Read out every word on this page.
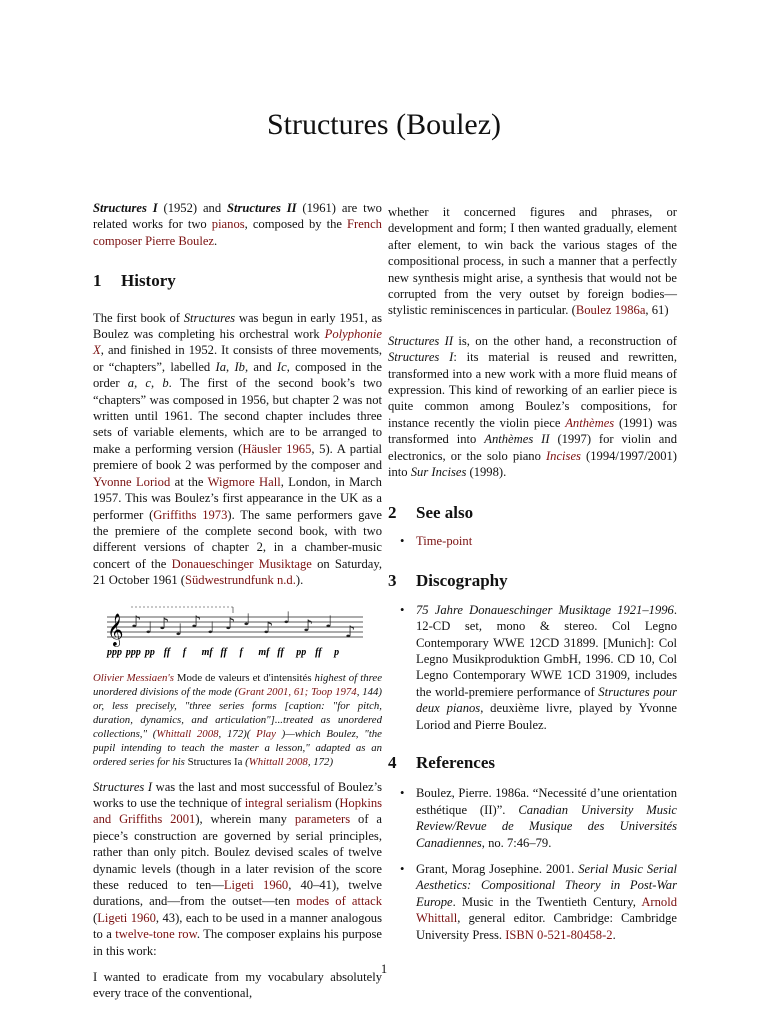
Structures (Boulez)

Structures I (1952) and Structures II (1961) are two related works for two pianos, composed by the French composer Pierre Boulez.

1 History

The first book of Structures was begun in early 1951, as Boulez was completing his orchestral work Polyphonie X, and finished in 1952. It consists of three movements, or “chapters”, labelled Ia, Ib, and Ic, composed in the order a, c, b. The first of the second book’s two “chapters” was composed in 1956, but chapter 2 was not written until 1961. The second chapter includes three sets of variable elements, which are to be arranged to make a performing version (Häusler 1965, 5). A partial premiere of book 2 was performed by the composer and Yvonne Loriod at the Wigmore Hall, London, in March 1957. This was Boulez’s first appearance in the UK as a performer (Griffiths 1973). The same performers gave the premiere of the complete second book, with two different versions of chapter 2, in a chamber-music concert of the Donaueschinger Musiktage on Saturday, 21 October 1961 (Südwestrundfunk n.d.).

𝄞 ♪ ♩ ♪ ♩ ♪ ♩ ♪ ♩ ♪
♩ ♪ ♩
♪
ppp ppp pp ff f mf ff f mf ff pp ff p

Olivier Messiaen's Mode de valeurs et d'intensités highest of three unordered divisions of the mode (Grant 2001, 61; Toop 1974, 144) or, less precisely, "three series forms [caption: "for pitch, duration, dynamics, and articulation"]...treated as unordered collections," (Whittall 2008, 172)( Play )—which Boulez, "the pupil intending to teach the master a lesson," adapted as an ordered series for his Structures Ia (Whittall 2008, 172)

Structures I was the last and most successful of Boulez’s works to use the technique of integral serialism (Hopkins and Griffiths 2001), wherein many parameters of a piece’s construction are governed by serial principles, rather than only pitch. Boulez devised scales of twelve dynamic levels (though in a later revision of the score these reduced to ten—Ligeti 1960, 40–41), twelve durations, and—from the outset—ten modes of attack (Ligeti 1960, 43), each to be used in a manner analogous to a twelve-tone row. The composer explains his purpose in this work:

I wanted to eradicate from my vocabulary absolutely every trace of the conventional,

whether it concerned figures and phrases, or development and form; I then wanted gradually, element after element, to win back the various stages of the compositional process, in such a manner that a perfectly new synthesis might arise, a synthesis that would not be corrupted from the very outset by foreign bodies—stylistic reminiscences in particular. (Boulez 1986a, 61)

Structures II is, on the other hand, a reconstruction of Structures I: its material is reused and rewritten, transformed into a new work with a more fluid means of expression. This kind of reworking of an earlier piece is quite common among Boulez’s compositions, for instance recently the violin piece Anthèmes (1991) was transformed into Anthèmes II (1997) for violin and electronics, or the solo piano Incises (1994/1997/2001) into Sur Incises (1998).

2 See also
• Time-point
3 Discography
• 75 Jahre Donaueschinger Musiktage 1921–1996. 12-CD set, mono & stereo. Col Legno Contemporary WWE 12CD 31899. [Munich]: Col Legno Musikproduktion GmbH, 1996. CD 10, Col Legno Contemporary WWE 1CD 31909, includes the world-premiere performance of Structures pour deux pianos, deuxième livre, played by Yvonne Loriod and Pierre Boulez.
4 References
• Boulez, Pierre. 1986a. “Necessité d’une orientation esthétique (II)”. Canadian University Music Review/Revue de Musique des Universités Canadiennes, no. 7:46–79.
• Grant, Morag Josephine. 2001. Serial Music Serial Aesthetics: Compositional Theory in Post-War Europe. Music in the Twentieth Century, Arnold Whittall, general editor. Cambridge: Cambridge University Press. ISBN 0-521-80458-2.
1
